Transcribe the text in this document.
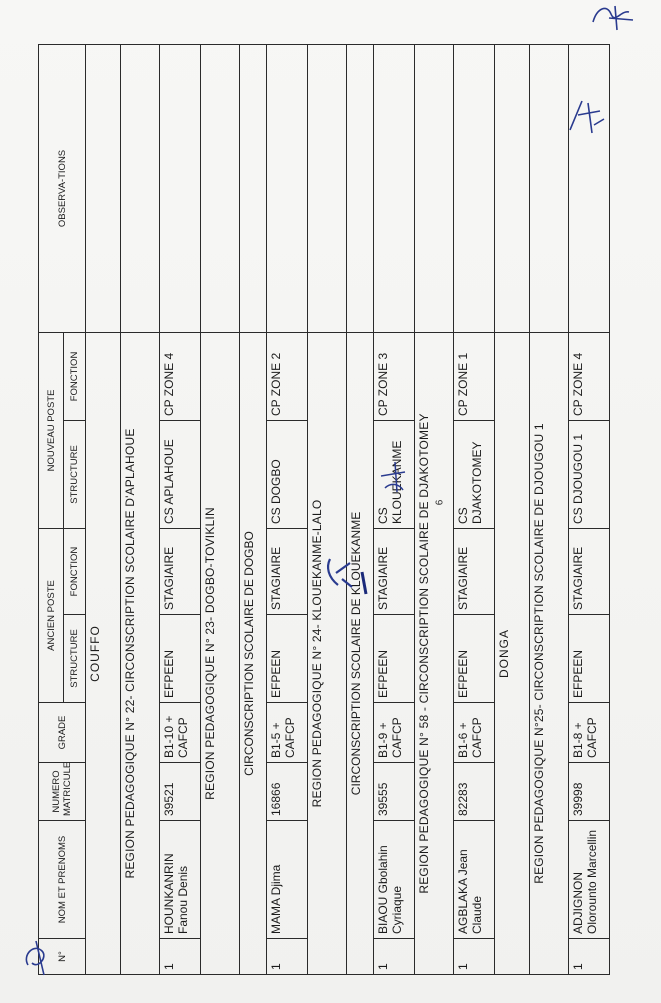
N°	NOM ET PRENOMS	NUMERO MATRICULE	GRADE	ANCIEN POSTE		NOUVEAU POSTE		OBSERVA-TIONS
				STRUCTURE	FONCTION	STRUCTURE	FONCTION	
COUFFO								
REGION PEDAGOGIQUE N° 22- CIRCONSCRIPTION SCOLAIRE D'APLAHOUE								
1	HOUNKANRIN Fanou Denis	39521	B1-10 + CAFCP	EFPEEN	STAGIAIRE	CS APLAHOUE	CP ZONE 4	
REGION PEDAGOGIQUE N° 23- DOGBO-TOVIKLIN								
CIRCONSCRIPTION SCOLAIRE DE DOGBO								
1	MAMA Djima	16866	B1-5 + CAFCP	EFPEEN	STAGIAIRE	CS DOGBO	CP ZONE 2	
REGION PEDAGOGIQUE N° 24- KLOUEKANME-LALO								
CIRCONSCRIPTION SCOLAIRE DE KLOUEKANME								
1	BIAOU Gbolahin Cyriaque	39555	B1-9 + CAFCP	EFPEEN	STAGIAIRE	CS KLOUEKANME	CP ZONE 3	
REGION PEDAGOGIQUE N° 58 - CIRCONSCRIPTION SCOLAIRE DE DJAKOTOMEY								
1	AGBLAKA Jean Claude	82283	B1-6 + CAFCP	EFPEEN	STAGIAIRE	CS DJAKOTOMEY	CP ZONE 1	
DONGA								
REGION PEDAGOGIQUE N°25- CIRCONSCRIPTION SCOLAIRE DE DJOUGOU 1								
1	ADJIGNON Olorounto Marcellin	39998	B1-8 + CAFCP	EFPEEN	STAGIAIRE	CS DJOUGOU 1	CP ZONE 4	
6
